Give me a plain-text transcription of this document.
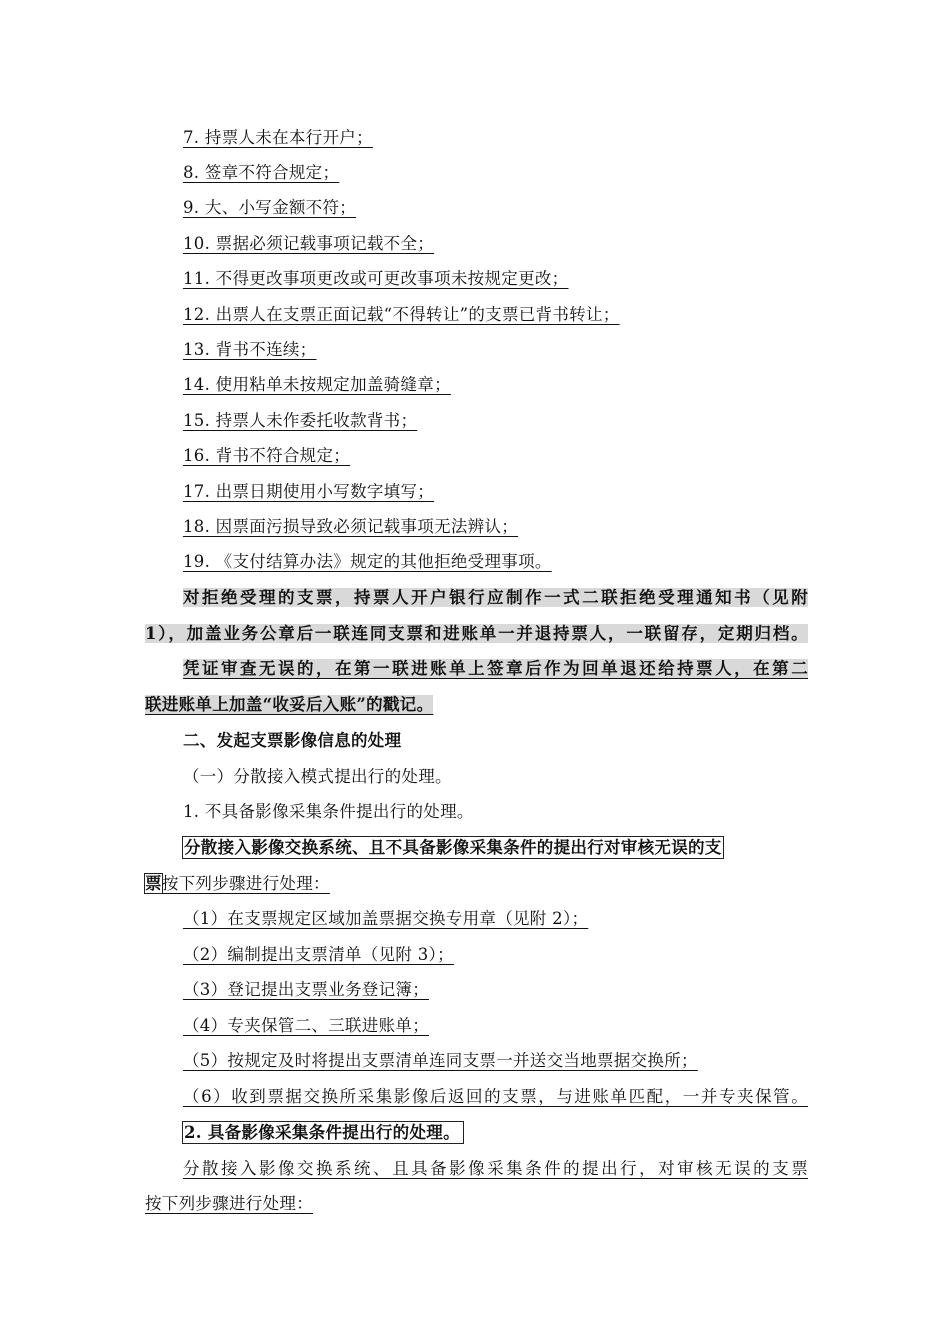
7. 持票人未在本行开户；
8. 签章不符合规定；
9. 大、小写金额不符；
10. 票据必须记载事项记载不全；
11. 不得更改事项更改或可更改事项未按规定更改；
12. 出票人在支票正面记载“不得转让”的支票已背书转让；
13. 背书不连续；
14. 使用粘单未按规定加盖骑缝章；
15. 持票人未作委托收款背书；
16. 背书不符合规定；
17. 出票日期使用小写数字填写；
18. 因票面污损导致必须记载事项无法辨认；
19. 《支付结算办法》规定的其他拒绝受理事项。
对拒绝受理的支票，持票人开户银行应制作一式二联拒绝受理通知书（见附
1），加盖业务公章后一联连同支票和进账单一并退持票人，一联留存，定期归档。
凭证审查无误的，在第一联进账单上签章后作为回单退还给持票人，在第二
联进账单上加盖“收妥后入账”的戳记。
二、发起支票影像信息的处理
（一）分散接入模式提出行的处理。
1. 不具备影像采集条件提出行的处理。
分散接入影像交换系统、且不具备影像采集条件的提出行对审核无误的支
票按下列步骤进行处理：
（1）在支票规定区域加盖票据交换专用章（见附 2）；
（2）编制提出支票清单（见附 3）；
（3）登记提出支票业务登记簿；
（4）专夹保管二、三联进账单；
（5）按规定及时将提出支票清单连同支票一并送交当地票据交换所；
（6）收到票据交换所采集影像后返回的支票，与进账单匹配，一并专夹保管。
2. 具备影像采集条件提出行的处理。
分散接入影像交换系统、且具备影像采集条件的提出行，对审核无误的支票
按下列步骤进行处理：
